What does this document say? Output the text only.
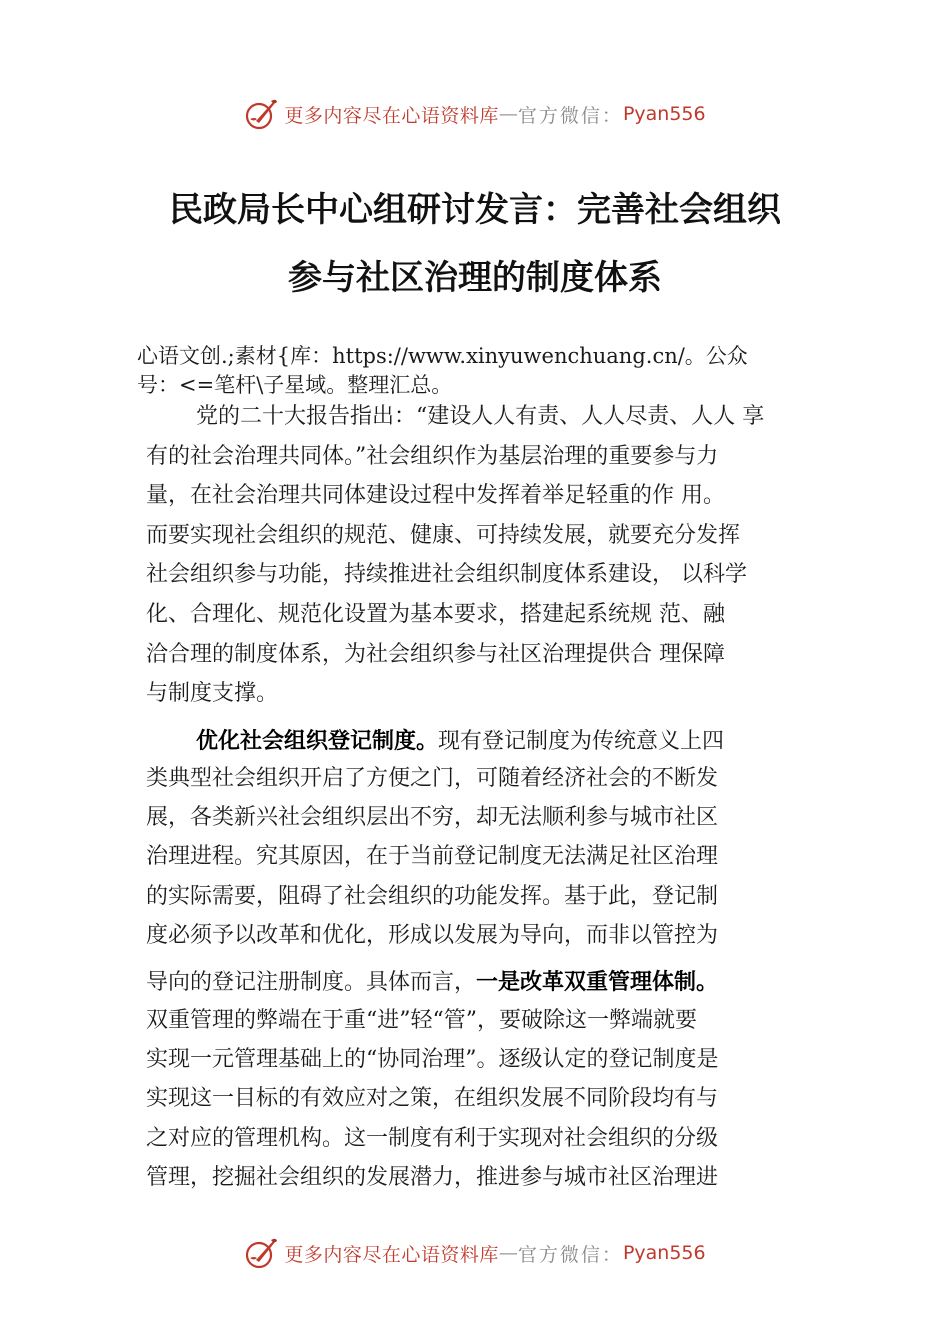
更多内容尽在心语资料库 — 官方微信： Pyan556
民政局长中心组研讨发言：完善社会组织
参与社区治理的制度体系
心语文创.;素材{库：https://www.xinyuwenchuang.cn/。公众
号：<=笔杆\子星域。整理汇总。
党的二十大报告指出：“建设人人有责、人人尽责、人人 享
有的社会治理共同体。”社会组织作为基层治理的重要参与力
量，在社会治理共同体建设过程中发挥着举足轻重的作 用。
而要实现社会组织的规范、健康、可持续发展，就要充分发挥
社会组织参与功能，持续推进社会组织制度体系建设， 以科学
化、合理化、规范化设置为基本要求，搭建起系统规 范、融
洽合理的制度体系，为社会组织参与社区治理提供合 理保障
与制度支撑。
优化社会组织登记制度。现有登记制度为传统意义上四
类典型社会组织开启了方便之门，可随着经济社会的不断发
展，各类新兴社会组织层出不穷，却无法顺利参与城市社区
治理进程。究其原因，在于当前登记制度无法满足社区治理
的实际需要，阻碍了社会组织的功能发挥。基于此，登记制
度必须予以改革和优化，形成以发展为导向，而非以管控为
导向的登记注册制度。具体而言，一是改革双重管理体制。
双重管理的弊端在于重“进”轻“管”，要破除这一弊端就要
实现一元管理基础上的“协同治理”。逐级认定的登记制度是
实现这一目标的有效应对之策，在组织发展不同阶段均有与
之对应的管理机构。这一制度有利于实现对社会组织的分级
管理，挖掘社会组织的发展潜力，推进参与城市社区治理进
更多内容尽在心语资料库 — 官方微信： Pyan556
